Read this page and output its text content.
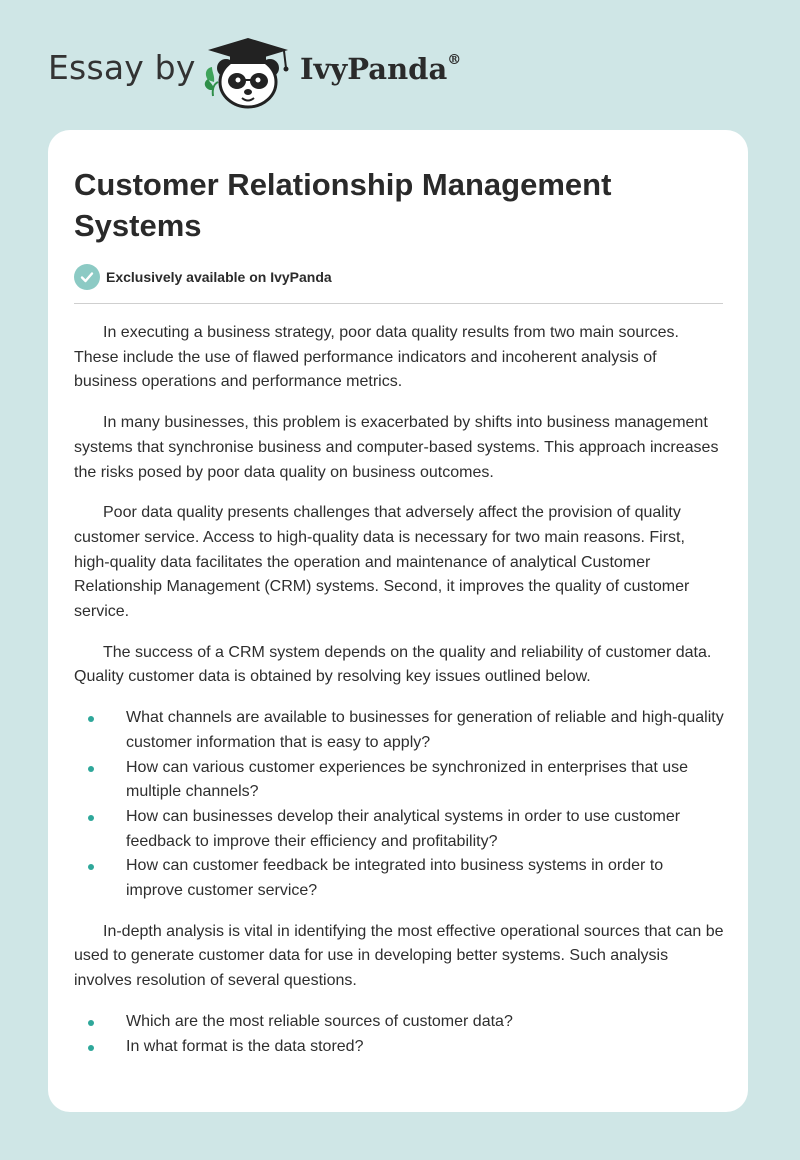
Essay by	IvyPanda®
Customer Relationship Management Systems
Exclusively available on IvyPanda

In executing a business strategy, poor data quality results from two main sources. These include the use of flawed performance indicators and incoherent analysis of business operations and performance metrics.

In many businesses, this problem is exacerbated by shifts into business management systems that synchronise business and computer-based systems. This approach increases the risks posed by poor data quality on business outcomes.

Poor data quality presents challenges that adversely affect the provision of quality customer service. Access to high-quality data is necessary for two main reasons. First, high-quality data facilitates the operation and maintenance of analytical Customer Relationship Management (CRM) systems. Second, it improves the quality of customer service.

The success of a CRM system depends on the quality and reliability of customer data. Quality customer data is obtained by resolving key issues outlined below.

What channels are available to businesses for generation of reliable and high-quality customer information that is easy to apply?
How can various customer experiences be synchronized in enterprises that use multiple channels?
How can businesses develop their analytical systems in order to use customer feedback to improve their efficiency and profitability?
How can customer feedback be integrated into business systems in order to improve customer service?

In-depth analysis is vital in identifying the most effective operational sources that can be used to generate customer data for use in developing better systems. Such analysis involves resolution of several questions.

Which are the most reliable sources of customer data?
In what format is the data stored?
